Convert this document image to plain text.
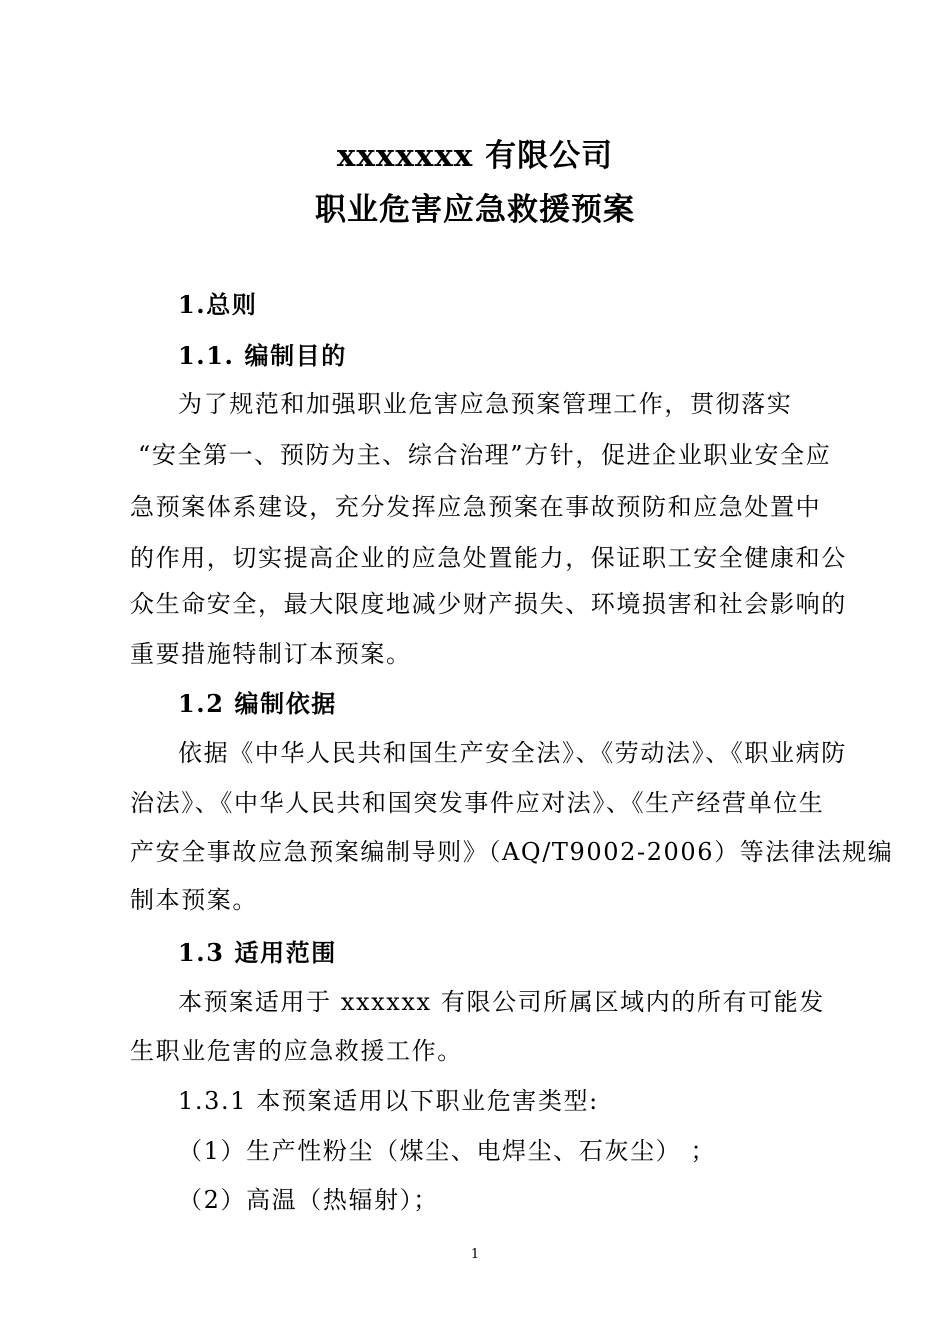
xxxxxxx 有限公司
职业危害应急救援预案
1.总则
1.1. 编制目的
为了规范和加强职业危害应急预案管理工作，贯彻落实
“安全第一、预防为主、综合治理”方针，促进企业职业安全应
急预案体系建设，充分发挥应急预案在事故预防和应急处置中
的作用，切实提高企业的应急处置能力，保证职工安全健康和公
众生命安全，最大限度地减少财产损失、环境损害和社会影响的
重要措施特制订本预案。
1.2 编制依据
依据《中华人民共和国生产安全法》、《劳动法》、《职业病防
治法》、《中华人民共和国突发事件应对法》、《生产经营单位生
产安全事故应急预案编制导则》（AQ/T9002-2006）等法律法规编
制本预案。
1.3 适用范围
本预案适用于 xxxxxx 有限公司所属区域内的所有可能发
生职业危害的应急救援工作。
1.3.1 本预案适用以下职业危害类型:
（1）生产性粉尘（煤尘、电焊尘、石灰尘） ；
（2）高温（热辐射）；
1
